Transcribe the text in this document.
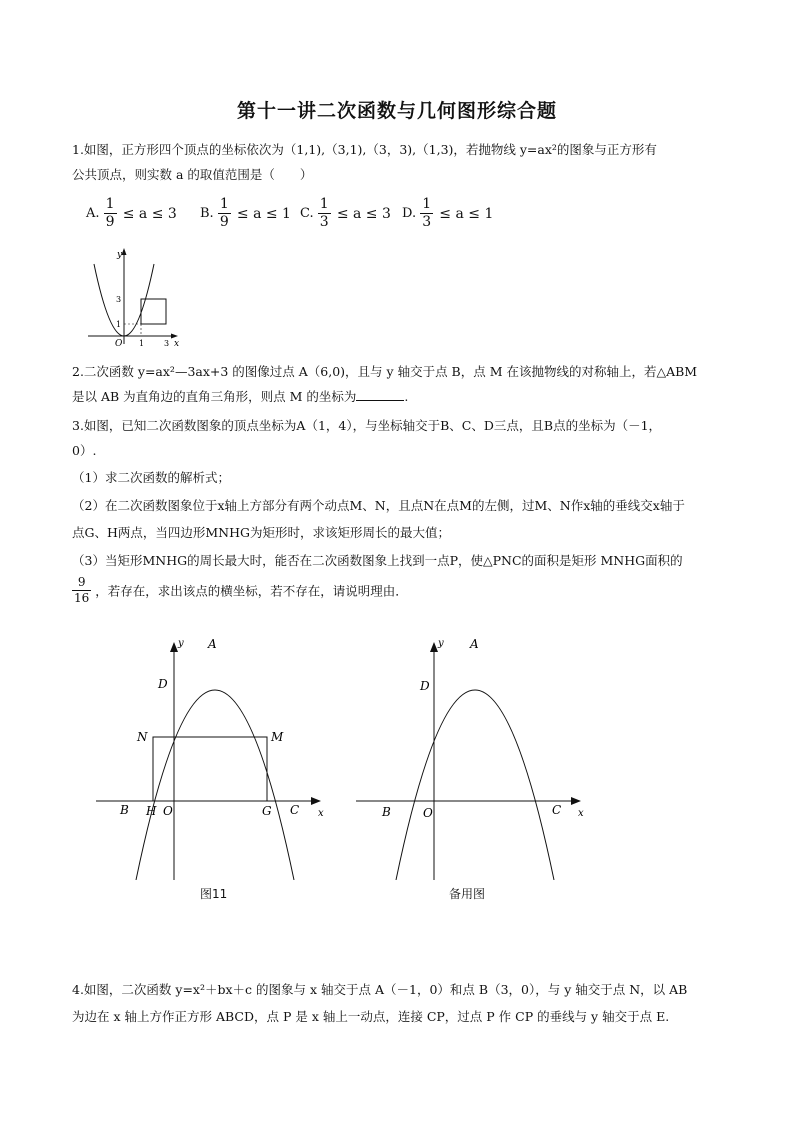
第十一讲二次函数与几何图形综合题
1.如图，正方形四个顶点的坐标依次为（1,1),（3,1),（3，3),（1,3)，若抛物线 y=ax²的图象与正方形有
公共顶点，则实数 a 的取值范围是（　　）
A. $\frac{1}{9} \le a \le 3$ B. $\frac{1}{9} \le a \le 1$ C. $\frac{1}{3} \le a \le 3$ D. $\frac{1}{3} \le a \le 1$
y
x
O 1 3
1
3
2.二次函数 y=ax²—3ax+3 的图像过点 A（6,0)，且与 y 轴交于点 B，点 M 在该抛物线的对称轴上，若△ABM
是以 AB 为直角边的直角三角形，则点 M 的坐标为	.
3.如图，已知二次函数图象的顶点坐标为A（1，4），与坐标轴交于B、C、D三点，且B点的坐标为（－1，
0）.
（1）求二次函数的解析式；
（2）在二次函数图象位于x轴上方部分有两个动点M、N，且点N在点M的左侧，过M、N作x轴的垂线交x轴于
点G、H两点，当四边形MNHG为矩形时，求该矩形周长的最大值；
（3）当矩形MNHG的周长最大时，能否在二次函数图象上找到一点P，使△PNC的面积是矩形 MNHG面积的
$\frac{9}{16}$ ，若存在，求出该点的横坐标，若不存在，请说明理由．
A
D
N	M
B H O	G C x
y
图11
A
D
B	O	C x
y
备用图
4.如图，二次函数 y=x²＋bx＋c 的图象与 x 轴交于点 A（－1，0）和点 B（3，0），与 y 轴交于点 N，以 AB
为边在 x 轴上方作正方形 ABCD，点 P 是 x 轴上一动点，连接 CP，过点 P 作 CP 的垂线与 y 轴交于点 E.
